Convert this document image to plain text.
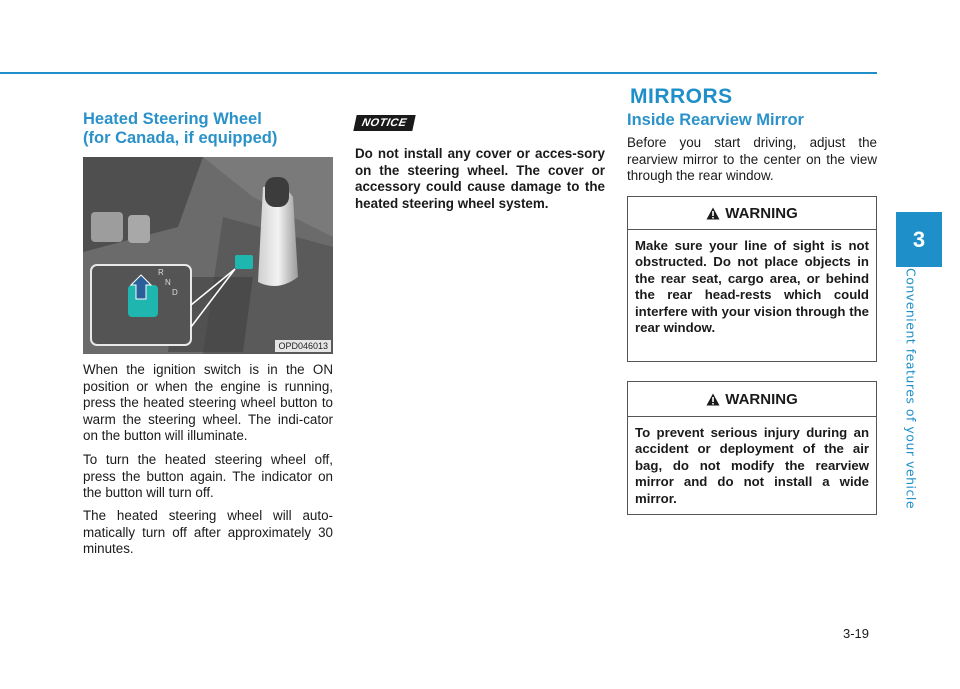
MIRRORS
Heated Steering Wheel
(for Canada, if equipped)
R
N
D
OPD046013

When the ignition switch is in the ON position or when the engine is running, press the heated steering wheel button to warm the steering wheel. The indi-cator on the button will illuminate.

To turn the heated steering wheel off, press the button again. The indicator on the button will turn off.

The heated steering wheel will auto-matically turn off after approximately 30 minutes.

NOTICE

Do not install any cover or acces-sory on the steering wheel. The cover or accessory could cause damage to the heated steering wheel system.

Inside Rearview Mirror

Before you start driving, adjust the rearview mirror to the center on the view through the rear window.

WARNING
Make sure your line of sight is not obstructed. Do not place objects in the rear seat, cargo area, or behind the rear head-rests which could interfere with your vision through the rear window.
WARNING
To prevent serious injury during an accident or deployment of the air bag, do not modify the rearview mirror and do not install a wide mirror.
3
Convenient features of your vehicle
3-19
